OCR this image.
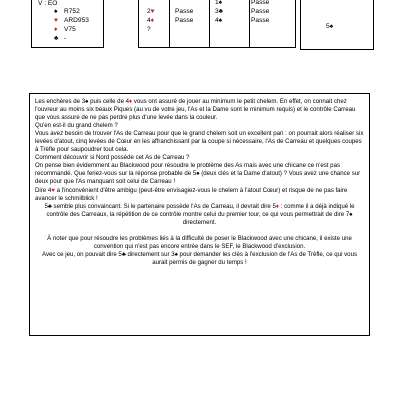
V : EO
♠ R752
♥ ARD953
♦ V75
♣ -
2♥
4♦
?
Passe
Passe
1♠
3♣
4♠
Passe
Passe
Passe
5♠

Les enchères de 3♠ puis celle de 4♦ vous ont assuré de jouer au minimum le petit chelem. En effet, on connait chez l'ouvreur au moins six beaux Piques (au vu de votre jeu, l'As et la Dame sont le minimum requis) et le contrôle Carreau que vous assure de ne pas perdre plus d'une levée dans la couleur.

Qu'en est-il du grand chelem ?

Vous avez besoin de trouver l'As de Carreau pour que le grand chelem soit un excellent pari : on pourrait alors réaliser six levées d'atout, cinq levées de Cœur en les affranchissant par la coupe si nécessaire, l'As de Carreau et quelques coupes à Trèfle pour saupoudrer tout cela.

Comment découvrir si Nord possède cet As de Carreau ?

On pense bien évidemment au Blackwood pour résoudre le problème des As mais avec une chicane ce n'est pas recommandé. Que feriez-vous sur la réponse probable de 5♠ (deux clés et la Dame d'atout) ? Vous avez une chance sur deux pour que l'As manquant soit celui de Carreau !

Dire 4♥ a l'inconvénient d'être ambigu (peut-être envisagiez-vous le chelem à l'atout Cœur) et risque de ne pas faire avancer le schmilblick !

5♣ semble plus convaincant. Si le partenaire possède l'As de Carreau, il devrait dire 5♦ : comme il a déjà indiqué le contrôle des Carreaux, la répétition de ce contrôle montre celui du premier tour, ce qui vous permettrait de dire 7♠ directement.

À noter que pour résoudre les problèmes liés à la difficulté de poser le Blackwood avec une chicane, il existe une convention qui n'est pas encore entrée dans le SEF, le Blackwood d'exclusion.

Avec ce jeu, on pouvait dire 5♣ directement sur 3♠ pour demander les clés à l'exclusion de l'As de Trèfle, ce qui vous aurait permis de gagner du temps !
